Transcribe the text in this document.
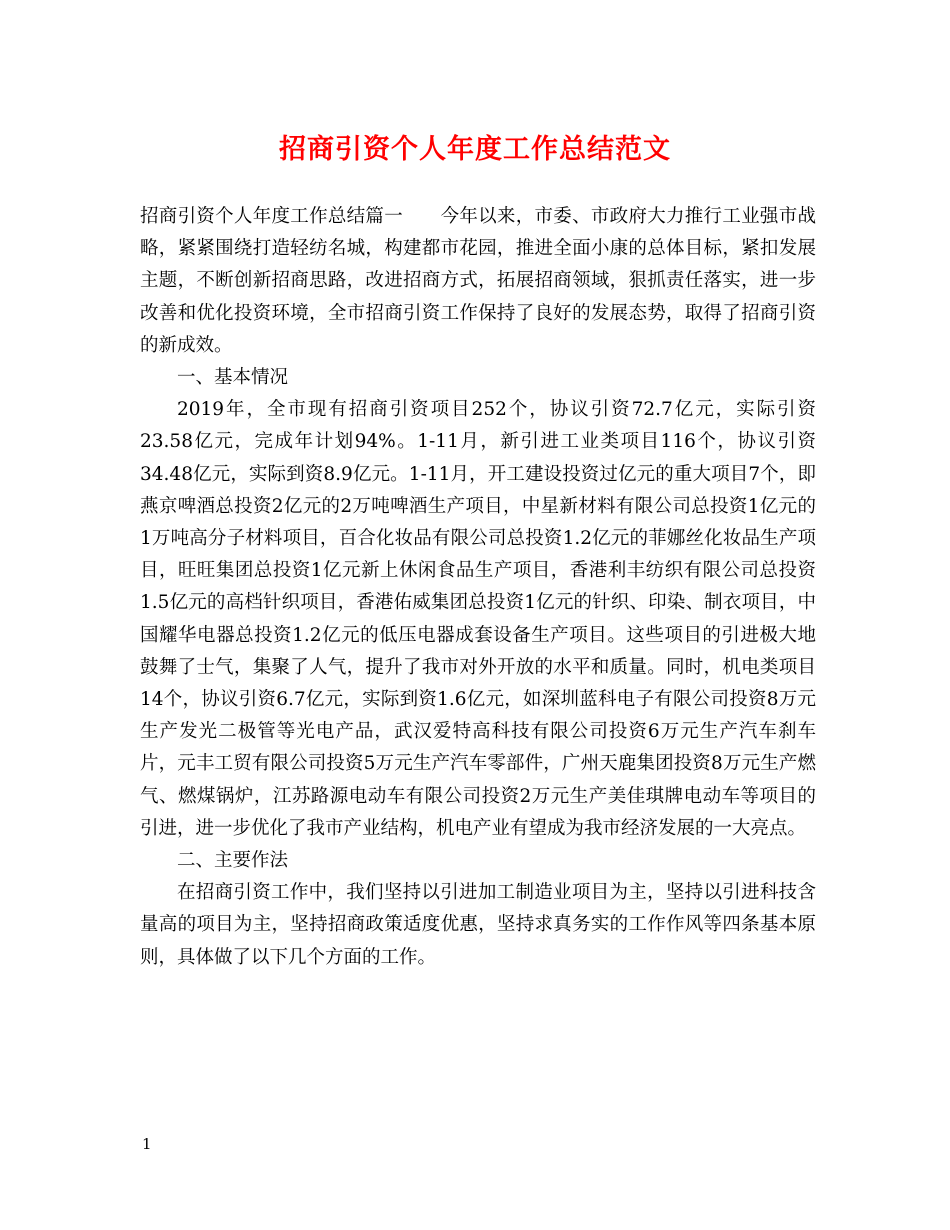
招商引资个人年度工作总结范文

招商引资个人年度工作总结篇一　　今年以来，市委、市政府大力推行工业强市战略，紧紧围绕打造轻纺名城，构建都市花园，推进全面小康的总体目标，紧扣发展主题，不断创新招商思路，改进招商方式，拓展招商领域，狠抓责任落实，进一步改善和优化投资环境，全市招商引资工作保持了良好的发展态势，取得了招商引资的新成效。

一、基本情况

2019年，全市现有招商引资项目252个，协议引资72.7亿元，实际引资23.58亿元，完成年计划94%。1-11月，新引进工业类项目116个，协议引资34.48亿元，实际到资8.9亿元。1-11月，开工建设投资过亿元的重大项目7个，即燕京啤酒总投资2亿元的2万吨啤酒生产项目，中星新材料有限公司总投资1亿元的1万吨高分子材料项目，百合化妆品有限公司总投资1.2亿元的菲娜丝化妆品生产项目，旺旺集团总投资1亿元新上休闲食品生产项目，香港利丰纺织有限公司总投资1.5亿元的高档针织项目，香港佑威集团总投资1亿元的针织、印染、制衣项目，中国耀华电器总投资1.2亿元的低压电器成套设备生产项目。这些项目的引进极大地鼓舞了士气，集聚了人气，提升了我市对外开放的水平和质量。同时，机电类项目14个，协议引资6.7亿元，实际到资1.6亿元，如深圳蓝科电子有限公司投资8万元生产发光二极管等光电产品，武汉爱特高科技有限公司投资6万元生产汽车刹车片，元丰工贸有限公司投资5万元生产汽车零部件，广州天鹿集团投资8万元生产燃气、燃煤锅炉，江苏路源电动车有限公司投资2万元生产美佳琪牌电动车等项目的引进，进一步优化了我市产业结构，机电产业有望成为我市经济发展的一大亮点。

二、主要作法

在招商引资工作中，我们坚持以引进加工制造业项目为主，坚持以引进科技含量高的项目为主，坚持招商政策适度优惠，坚持求真务实的工作作风等四条基本原则，具体做了以下几个方面的工作。

1
